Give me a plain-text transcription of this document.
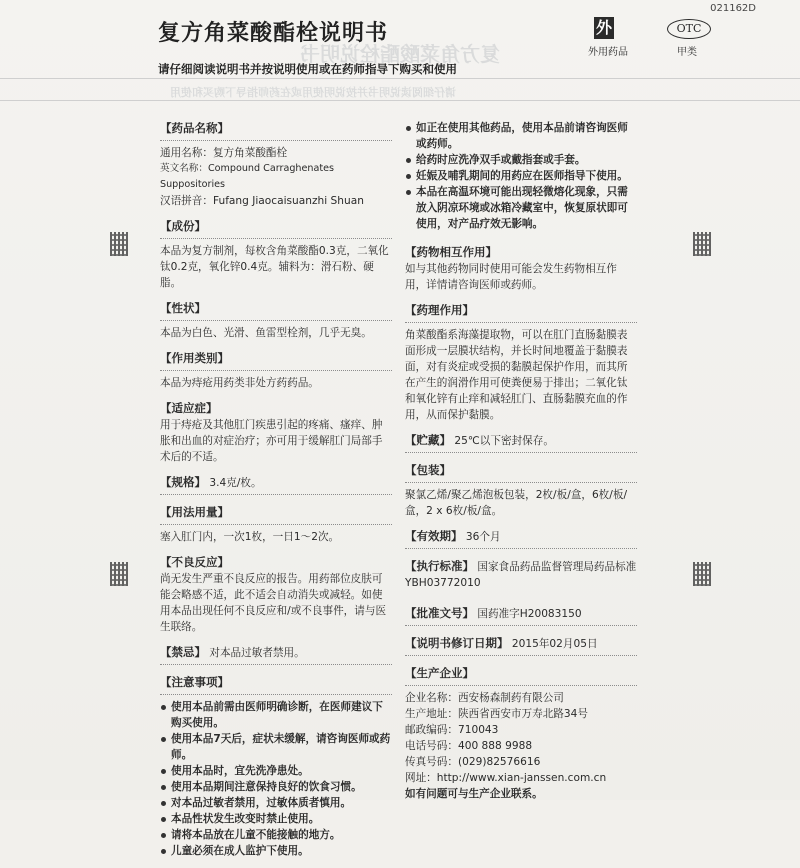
复方角菜酸酯栓说明书
请仔细阅读说明书并按说明使用或在药师指导下购买和使用
021162D
复方角菜酸酯栓说明书
请仔细阅读说明书并按说明使用或在药师指导下购买和使用
外
外用药品
OTC
甲类
【药品名称】

通用名称：复方角菜酸酯栓

英文名称：Compound Carraghenates Suppositories

汉语拼音：Fufang Jiaocaisuanzhi Shuan

【成份】

本品为复方制剂，每枚含角菜酸酯0.3克，二氧化钛0.2克，氧化锌0.4克。辅料为：滑石粉、硬脂。

【性状】

本品为白色、光滑、鱼雷型栓剂，几乎无臭。

【作用类别】

本品为痔疮用药类非处方药药品。

【适应症】

用于痔疮及其他肛门疾患引起的疼痛、瘙痒、肿胀和出血的对症治疗；亦可用于缓解肛门局部手术后的不适。

【规格】 3.4克/枚。
【用法用量】

塞入肛门内，一次1枚，一日1～2次。

【不良反应】

尚无发生严重不良反应的报告。用药部位皮肤可能会略感不适，此不适会自动消失或减轻。如使用本品出现任何不良反应和/或不良事件，请与医生联络。

【禁忌】 对本品过敏者禁用。
【注意事项】
使用本品前需由医师明确诊断，在医师建议下购买使用。
使用本品7天后，症状未缓解，请咨询医师或药师。
使用本品时，宜先洗净患处。
使用本品期间注意保持良好的饮食习惯。
对本品过敏者禁用，过敏体质者慎用。
本品性状发生改变时禁止使用。
请将本品放在儿童不能接触的地方。
儿童必须在成人监护下使用。
如正在使用其他药品，使用本品前请咨询医师或药师。
给药时应洗净双手或戴指套或手套。
妊娠及哺乳期间的用药应在医师指导下使用。
本品在高温环境可能出现轻微熔化现象，只需放入阴凉环境或冰箱冷藏室中，恢复原状即可使用，对产品疗效无影响。
【药物相互作用】

如与其他药物同时使用可能会发生药物相互作用，详情请咨询医师或药师。

【药理作用】

角菜酸酯系海藻提取物，可以在肛门直肠黏膜表面形成一层膜状结构，并长时间地覆盖于黏膜表面，对有炎症或受损的黏膜起保护作用，而其所在产生的润滑作用可使粪便易于排出；二氧化钛和氧化锌有止痒和减轻肛门、直肠黏膜充血的作用，从而保护黏膜。

【贮藏】 25℃以下密封保存。
【包装】

聚氯乙烯/聚乙烯泡板包装，2枚/板/盒，6枚/板/盒，2 x 6枚/板/盒。

【有效期】 36个月
【执行标准】 国家食品药品监督管理局药品标准

YBH03772010

【批准文号】 国药准字H20083150
【说明书修订日期】 2015年02月05日
【生产企业】

企业名称：西安杨森制药有限公司

生产地址：陕西省西安市万寿北路34号

邮政编码：710043

电话号码：400 888 9988

传真号码：(029)82576616

网址：http://www.xian-janssen.com.cn

如有问题可与生产企业联系。
